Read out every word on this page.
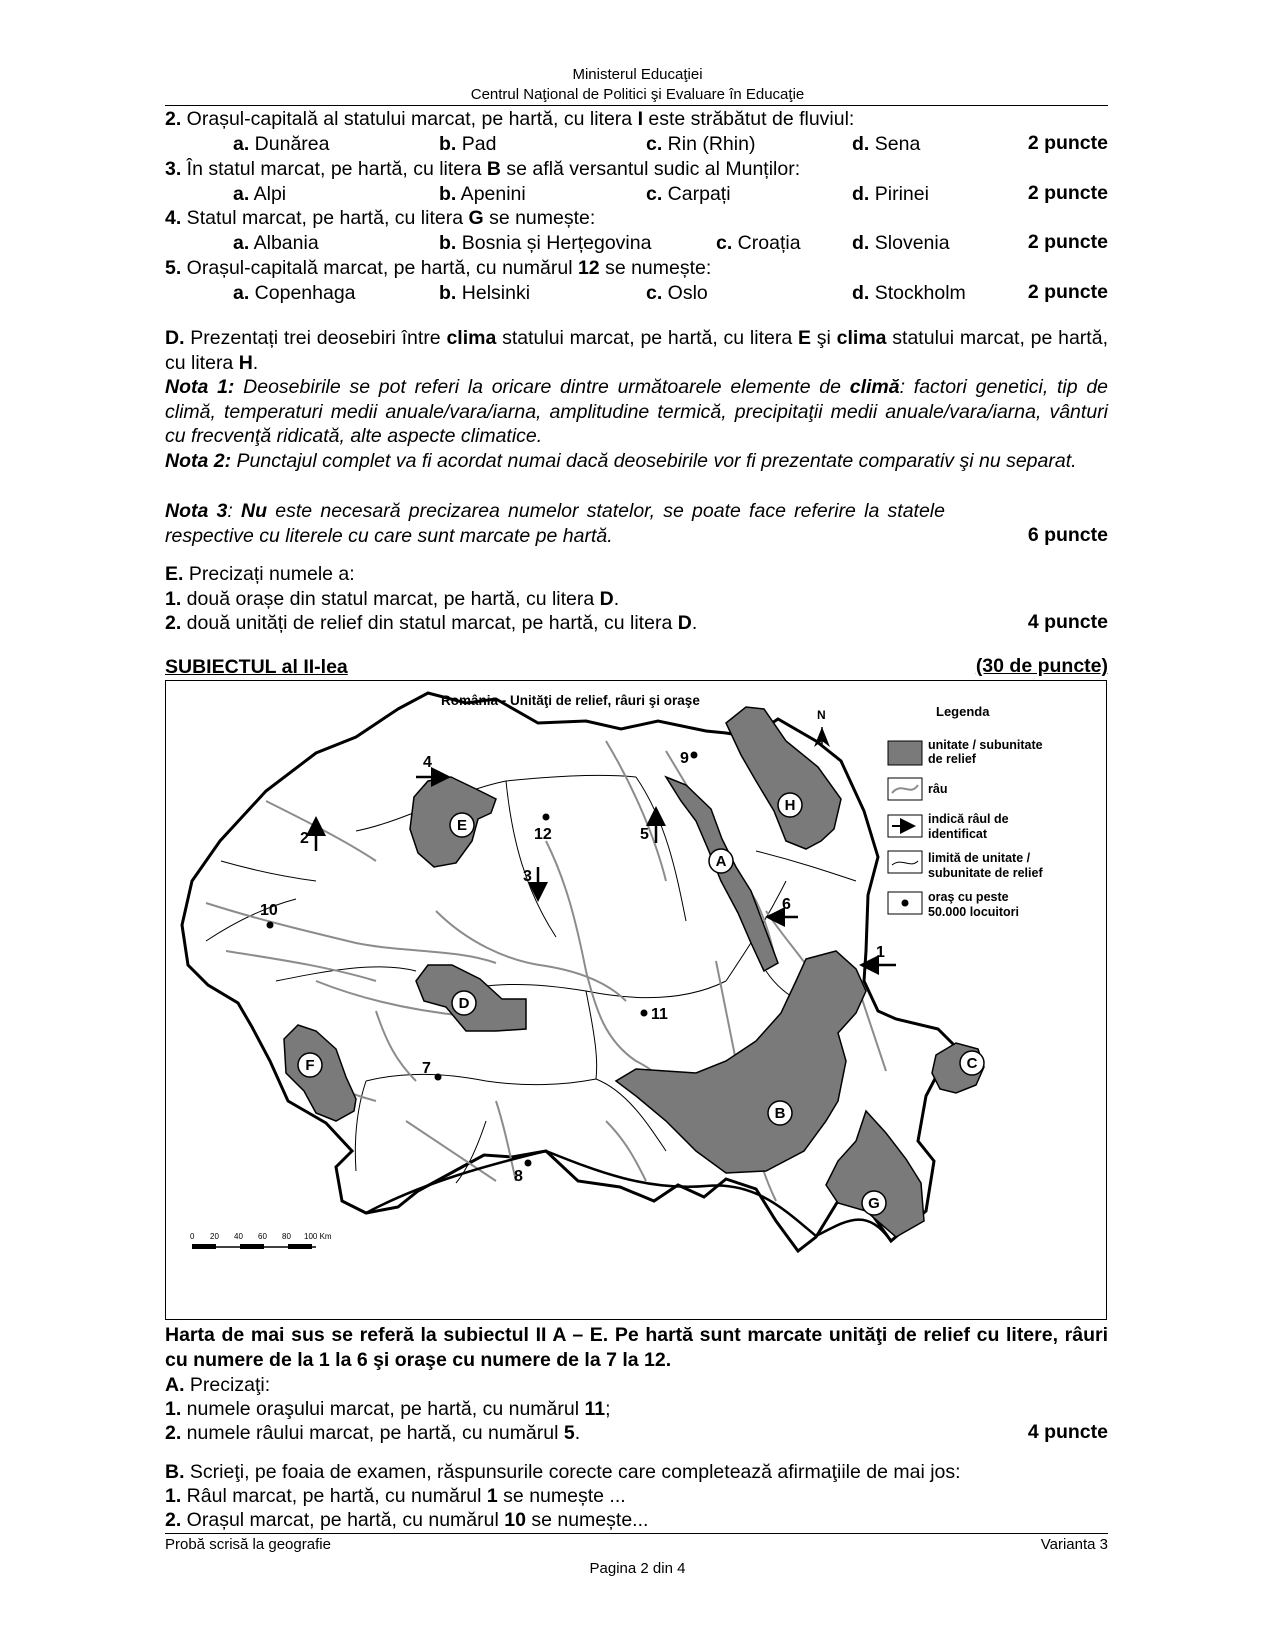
Ministerul Educaţiei
Centrul Naţional de Politici şi Evaluare în Educaţie
2. Orașul-capitală al statului marcat, pe hartă, cu litera I este străbătut de fluviul:
a. Dunărea	b. Pad	c. Rin (Rhin)	d. Sena	2 puncte
3. În statul marcat, pe hartă, cu litera B se află versantul sudic al Munților:
a. Alpi	b. Apenini	c. Carpați	d. Pirinei	2 puncte
4. Statul marcat, pe hartă, cu litera G se numește:
a. Albania	b. Bosnia și Herțegovina	c. Croația	d. Slovenia	2 puncte
5. Orașul-capitală marcat, pe hartă, cu numărul 12 se numește:
a. Copenhaga	b. Helsinki	c. Oslo	d. Stockholm	2 puncte
D. Prezentați trei deosebiri între clima statului marcat, pe hartă, cu litera E şi clima statului marcat, pe hartă, cu litera H.
Nota 1: Deosebirile se pot referi la oricare dintre următoarele elemente de climă: factori genetici, tip de climă, temperaturi medii anuale/vara/iarna, amplitudine termică, precipitaţii medii anuale/vara/iarna, vânturi cu frecvenţă ridicată, alte aspecte climatice.
Nota 2: Punctajul complet va fi acordat numai dacă deosebirile vor fi prezentate comparativ şi nu separat.
Nota 3: Nu este necesară precizarea numelor statelor, se poate face referire la statele respective cu literele cu care sunt marcate pe hartă.	6 puncte
E. Precizați numele a:
1. două orașe din statul marcat, pe hartă, cu litera D.
2. două unități de relief din statul marcat, pe hartă, cu litera D.	4 puncte
SUBIECTUL al II-lea	(30 de puncte)
România - Unităţi de relief, râuri şi oraşe
N	Legenda
unitate / subunitate
de relief
râu
indică râul de
identificat
limită de unitate /
subunitate de relief
oraş cu peste
50.000 locuitori
H
A
E
D
F
B
G
C
1
2
3
4
5
6
7
8
9
10
11
12
0 20 40 60 80 100 Km
Harta de mai sus se referă la subiectul II A – E. Pe hartă sunt marcate unităţi de relief cu litere, râuri cu numere de la 1 la 6 şi oraşe cu numere de la 7 la 12.
A. Precizaţi:
1. numele oraşului marcat, pe hartă, cu numărul 11;
2. numele râului marcat, pe hartă, cu numărul 5.	4 puncte
B. Scrieţi, pe foaia de examen, răspunsurile corecte care completează afirmaţiile de mai jos:
1. Râul marcat, pe hartă, cu numărul 1 se numește ...
2. Orașul marcat, pe hartă, cu numărul 10 se numește...
Probă scrisă la geografie	Varianta 3
Pagina 2 din 4
